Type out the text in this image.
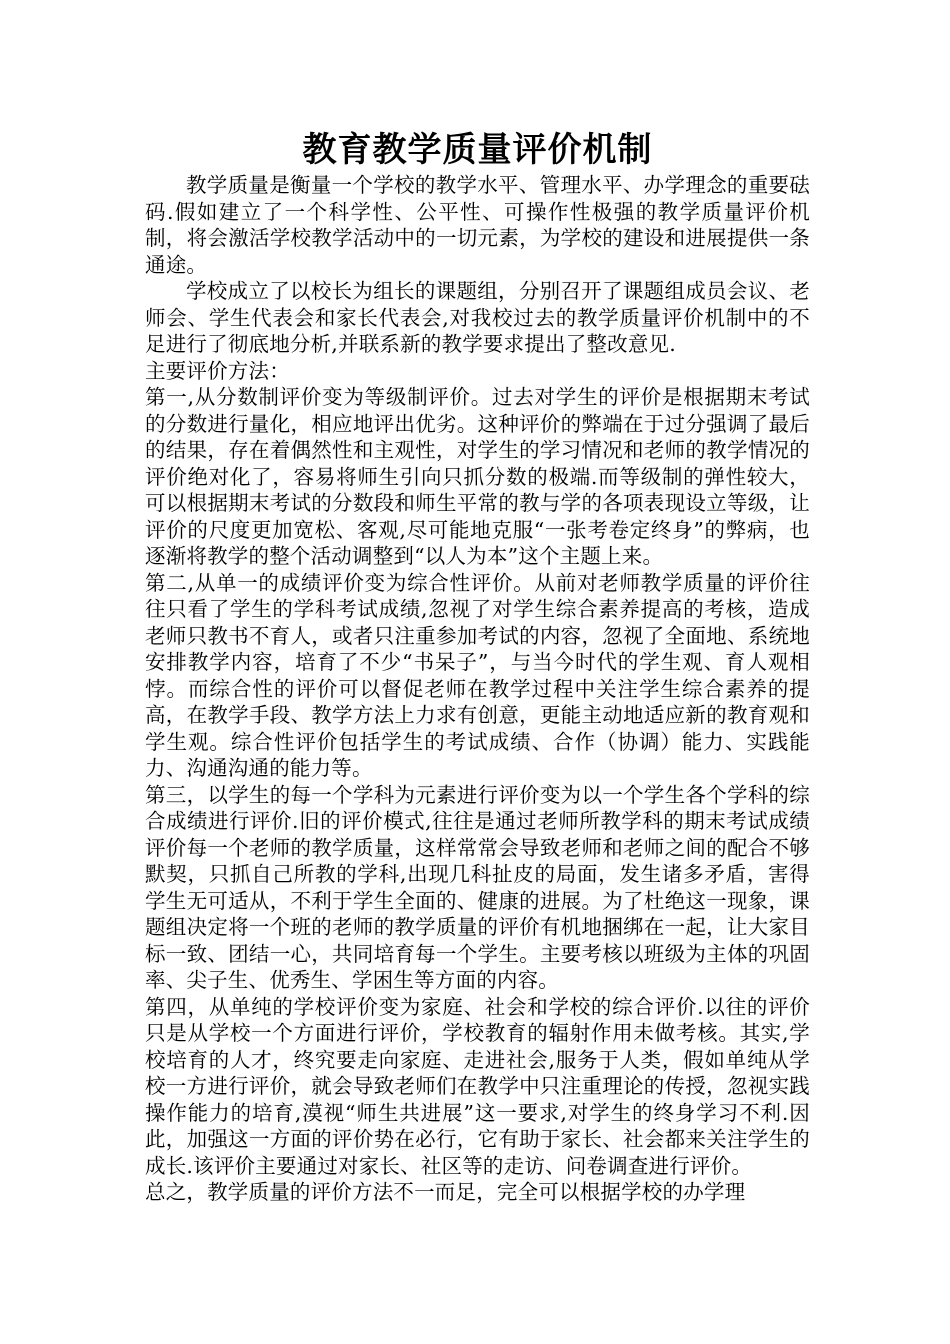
教育教学质量评价机制

教学质量是衡量一个学校的教学水平、管理水平、办学理念的重要砝码.假如建立了一个科学性、公平性、可操作性极强的教学质量评价机制，将会激活学校教学活动中的一切元素，为学校的建设和进展提供一条通途。

学校成立了以校长为组长的课题组，分别召开了课题组成员会议、老师会、学生代表会和家长代表会,对我校过去的教学质量评价机制中的不足进行了彻底地分析,并联系新的教学要求提出了整改意见.

主要评价方法：

第一,从分数制评价变为等级制评价。过去对学生的评价是根据期末考试的分数进行量化，相应地评出优劣。这种评价的弊端在于过分强调了最后的结果，存在着偶然性和主观性，对学生的学习情况和老师的教学情况的评价绝对化了，容易将师生引向只抓分数的极端.而等级制的弹性较大，可以根据期末考试的分数段和师生平常的教与学的各项表现设立等级，让评价的尺度更加宽松、客观,尽可能地克服“一张考卷定终身”的弊病，也逐渐将教学的整个活动调整到“以人为本”这个主题上来。

第二,从单一的成绩评价变为综合性评价。从前对老师教学质量的评价往往只看了学生的学科考试成绩,忽视了对学生综合素养提高的考核，造成老师只教书不育人，或者只注重参加考试的内容，忽视了全面地、系统地安排教学内容，培育了不少“书呆子”，与当今时代的学生观、育人观相悖。而综合性的评价可以督促老师在教学过程中关注学生综合素养的提高，在教学手段、教学方法上力求有创意，更能主动地适应新的教育观和学生观。综合性评价包括学生的考试成绩、合作（协调）能力、实践能力、沟通沟通的能力等。

第三，以学生的每一个学科为元素进行评价变为以一个学生各个学科的综合成绩进行评价.旧的评价模式,往往是通过老师所教学科的期末考试成绩评价每一个老师的教学质量，这样常常会导致老师和老师之间的配合不够默契，只抓自己所教的学科,出现几科扯皮的局面，发生诸多矛盾，害得学生无可适从，不利于学生全面的、健康的进展。为了杜绝这一现象，课题组决定将一个班的老师的教学质量的评价有机地捆绑在一起，让大家目标一致、团结一心，共同培育每一个学生。主要考核以班级为主体的巩固率、尖子生、优秀生、学困生等方面的内容。

第四，从单纯的学校评价变为家庭、社会和学校的综合评价.以往的评价只是从学校一个方面进行评价，学校教育的辐射作用未做考核。其实,学校培育的人才，终究要走向家庭、走进社会,服务于人类，假如单纯从学校一方进行评价，就会导致老师们在教学中只注重理论的传授，忽视实践操作能力的培育,漠视“师生共进展”这一要求,对学生的终身学习不利.因此，加强这一方面的评价势在必行，它有助于家长、社会都来关注学生的成长.该评价主要通过对家长、社区等的走访、问卷调查进行评价。

总之，教学质量的评价方法不一而足，完全可以根据学校的办学理
